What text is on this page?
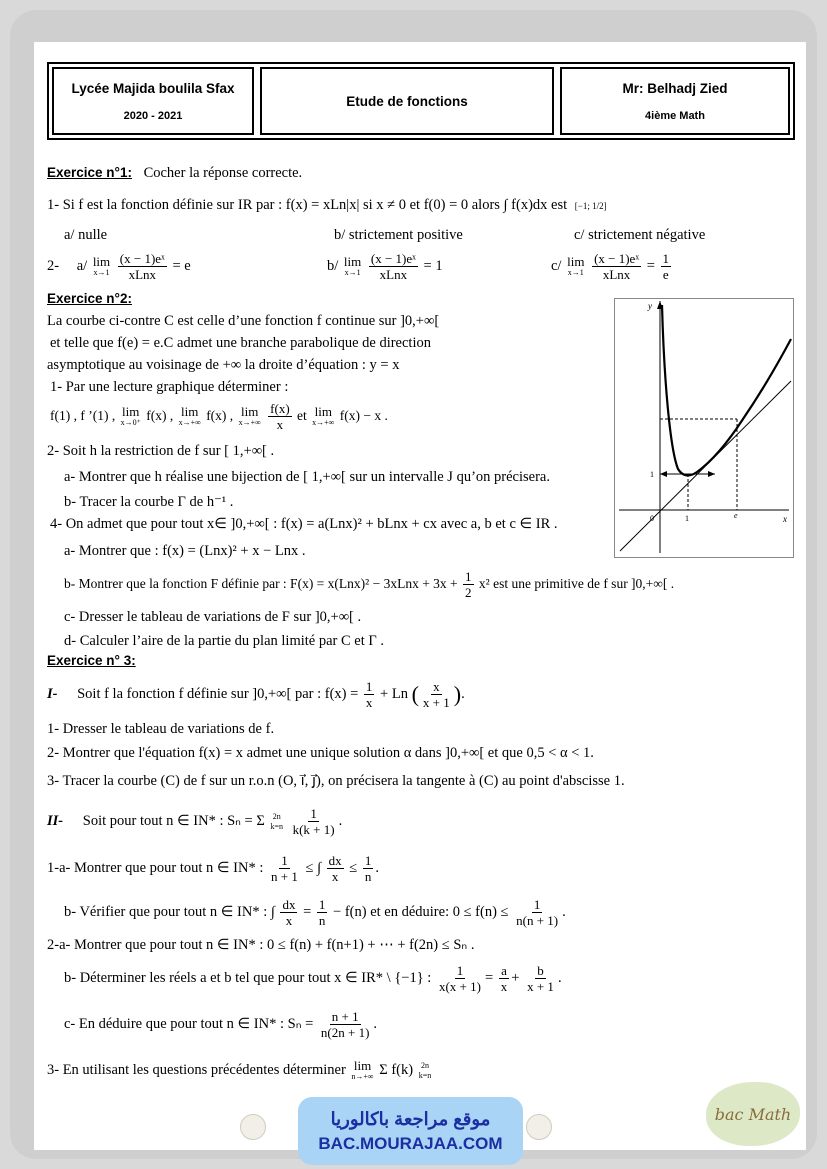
Lycée Majida boulila Sfax
2020 - 2021
Etude de fonctions
Mr: Belhadj Zied
4ième Math
Exercice n°1: Cocher la réponse correcte.
1- Si f est la fonction définie sur IR par : f(x) = xLn|x| si x ≠ 0 et f(0) = 0 alors ∫ f(x)dx est [−1; 1/2]
a/ nulle	b/ strictement positive	c/ strictement négative
2- a/ lim
x→1
$\frac{\text{(x − 1)eˣ}}{\text{xLnx}} = e$	b/ lim
x→1
$\frac{\text{(x − 1)eˣ}}{\text{xLnx}} = 1$	c/ lim
x→1
$\frac{\text{(x − 1)eˣ}}{\text{xLnx}} = \frac{1}{e}$
Exercice n°2:
La courbe ci-contre C est celle d’une fonction f continue sur ]0,+∞[
et telle que f(e) = e.C admet une branche parabolique de direction
asymptotique au voisinage de +∞ la droite d’équation : y = x
1- Par une lecture graphique déterminer :
f(1) , f ’(1) , lim
x→0⁺ f(x) , lim
x→+∞ f(x) , lim
x→+∞
$\frac{f(x)}{x}$ et lim
x→+∞ f(x) − x .
2- Soit h la restriction de f sur [ 1,+∞[ .
a- Montrer que h réalise une bijection de [ 1,+∞[ sur un intervalle J qu’on précisera.
b- Tracer la courbe Γ de h⁻¹ .
4- On admet que pour tout x∈ ]0,+∞[ : f(x) = a(Lnx)² + bLnx + cx avec a, b et c ∈ IR .
a- Montrer que : f(x) = (Lnx)² + x − Lnx .
b- Montrer que la fonction F définie par : F(x) = x(Lnx)² − 3xLnx + $3x + \frac{1}{2} x^2$ est une primitive de f sur ]0,+∞[ .
c- Dresser le tableau de variations de F sur ]0,+∞[ .
d- Calculer l’aire de la partie du plan limité par C et Γ .
y
x
0	1
1
e
Exercice n° 3:
I- Soit f la fonction f définie sur ]0,+∞[ par : $f(x) = \frac{1}{x} + Ln$ ( $\frac{x}{x + 1}$ ).
1- Dresser le tableau de variations de f.
2- Montrer que l'équation f(x) = x admet une unique solution α dans ]0,+∞[ et que 0,5 < α < 1.
3- Tracer la courbe (C) de f sur un r.o.n (O, i⃗, j⃗), on précisera la tangente à (C) au point d'abscisse 1.
II- Soit pour tout n ∈ IN* : Sₙ = Σ 2n
k=n
$\frac{1}{k(k + 1)}$ .
1-a- Montrer que pour tout n ∈ IN* : $\frac{1}{n + 1}$ ≤ ∫ $\frac{dx}{x} \le \frac{1}{n}$ .
b- Vérifier que pour tout n ∈ IN* : ∫ $\frac{dx}{x} = \frac{1}{n} - f(n)$ et en déduire: $0 \le f(n) \le \frac{1}{n(n + 1)}$ .
2-a- Montrer que pour tout n ∈ IN* : 0 ≤ f(n) + f(n+1) + ⋯ + f(2n) ≤ Sₙ .
b- Déterminer les réels a et b tel que pour tout x ∈ IR* \ {−1} : $\frac{1}{x(x + 1)} = \frac{a}{x} + \frac{b}{x + 1}$ .
c- En déduire que pour tout n ∈ IN* : $S_n = \frac{n + 1}{n(2n + 1)}$ .
3- En utilisant les questions précédentes déterminer lim
n→+∞ Σ f(k) 2n
k=n
موقع مراجعة باكالوريا
BAC.MOURAJAA.COM
bac Math
